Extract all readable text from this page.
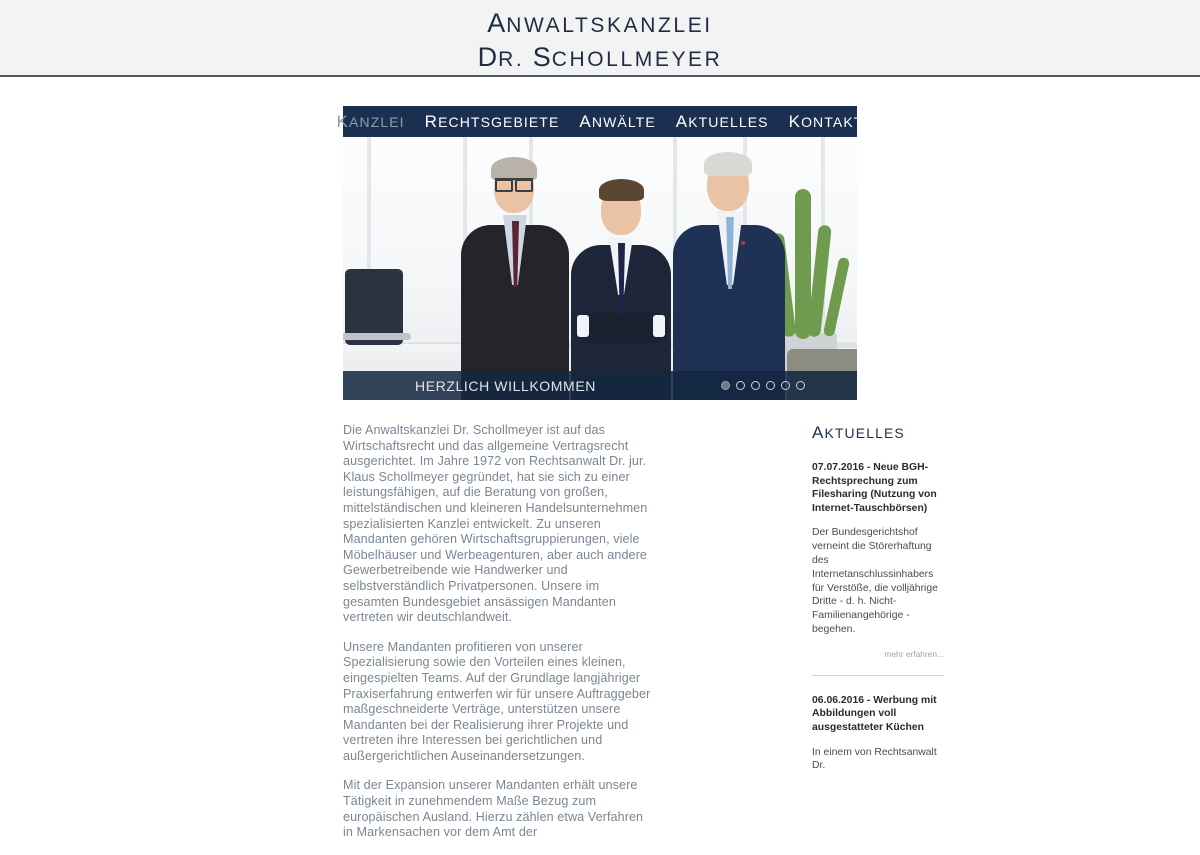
ANWALTSKANZLEI
DR. SCHOLLMEYER
KANZLEI	RECHTSGEBIETE	ANWÄLTE	AKTUELLES	KONTAKT
HERZLICH WILLKOMMEN

Die Anwaltskanzlei Dr. Schollmeyer ist auf das Wirtschaftsrecht und das allgemeine Vertragsrecht ausgerichtet. Im Jahre 1972 von Rechtsanwalt Dr. jur. Klaus Schollmeyer gegründet, hat sie sich zu einer leistungsfähigen, auf die Beratung von großen, mittelständischen und kleineren Handelsunternehmen spezialisierten Kanzlei entwickelt. Zu unseren Mandanten gehören Wirtschaftsgruppierungen, viele Möbelhäuser und Werbeagenturen, aber auch andere Gewerbetreibende wie Handwerker und selbstverständlich Privatpersonen. Unsere im gesamten Bundesgebiet ansässigen Mandanten vertreten wir deutschlandweit.

Unsere Mandanten profitieren von unserer Spezialisierung sowie den Vorteilen eines kleinen, eingespielten Teams. Auf der Grundlage langjähriger Praxiserfahrung entwerfen wir für unsere Auftraggeber maßgeschneiderte Verträge, unterstützen unsere Mandanten bei der Realisierung ihrer Projekte und vertreten ihre Interessen bei gerichtlichen und außergerichtlichen Auseinandersetzungen.

Mit der Expansion unserer Mandanten erhält unsere Tätigkeit in zunehmendem Maße Bezug zum europäischen Ausland. Hierzu zählen etwa Verfahren in Markensachen vor dem Amt der

AKTUELLES
07.07.2016 - Neue BGH-Rechtsprechung zum Filesharing (Nutzung von Internet-Tauschbörsen)
Der Bundesgerichtshof verneint die Störerhaftung des Internetanschlussinhabers für Verstöße, die volljährige Dritte - d. h. Nicht-Familienangehörige - begehen.
mehr erfahren...
06.06.2016 - Werbung mit Abbildungen voll ausgestatteter Küchen
In einem von Rechtsanwalt Dr.
